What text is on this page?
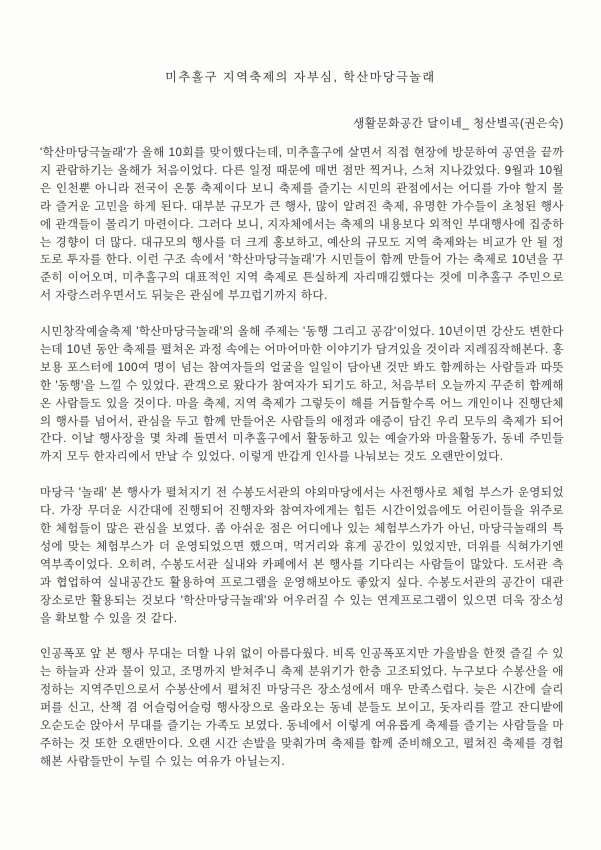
미추홀구 지역축제의 자부심, 학산마당극놀래
생활문화공간 달이네_ 청산별곡(권은숙)

'학산마당극놀래'가 올해 10회를 맞이했다는데, 미추홀구에 살면서 직접 현장에 방문하여 공연을 끝까지 관람하기는 올해가 처음이었다. 다른 일정 때문에 매번 점만 찍거나, 스쳐 지나갔었다. 9월과 10월은 인천뿐 아니라 전국이 온통 축제이다 보니 축제를 즐기는 시민의 관점에서는 어디를 가야 할지 몰라 즐거운 고민을 하게 된다. 대부분 규모가 큰 행사, 많이 알려진 축제, 유명한 가수들이 초청된 행사에 관객들이 몰리기 마련이다. 그러다 보니, 지자체에서는 축제의 내용보다 외적인 부대행사에 집중하는 경향이 더 많다. 대규모의 행사를 더 크게 홍보하고, 예산의 규모도 지역 축제와는 비교가 안 될 정도로 투자를 한다. 이런 구조 속에서 '학산마당극놀래'가 시민들이 함께 만들어 가는 축제로 10년을 꾸준히 이어오며, 미추홀구의 대표적인 지역 축제로 튼실하게 자리매김했다는 것에 미추홀구 주민으로서 자랑스러우면서도 뒤늦은 관심에 부끄럽기까지 하다.

시민창작예술축제 '학산마당극놀래'의 올해 주제는 '동행 그리고 공감'이었다. 10년이면 강산도 변한다는데 10년 동안 축제를 펼쳐온 과정 속에는 어마어마한 이야기가 담겨있을 것이라 지레짐작해본다. 홍보용 포스터에 100여 명이 넘는 참여자들의 얼굴을 일일이 담아낸 것만 봐도 함께하는 사람들과 따뜻한 '동행'을 느낄 수 있었다. 관객으로 왔다가 참여자가 되기도 하고, 처음부터 오늘까지 꾸준히 함께해온 사람들도 있을 것이다. 마을 축제, 지역 축제가 그렇듯이 해를 거듭할수록 어느 개인이나 진행단체의 행사를 넘어서, 관심을 두고 함께 만들어온 사람들의 애정과 애증이 담긴 우리 모두의 축제가 되어간다. 이날 행사장을 몇 차례 돌면서 미추홀구에서 활동하고 있는 예술가와 마을활동가, 동네 주민들까지 모두 한자리에서 만날 수 있었다. 이렇게 반갑게 인사를 나눠보는 것도 오랜만이었다.

마당극 '놀래' 본 행사가 펼쳐지기 전 수봉도서관의 야외마당에서는 사전행사로 체험 부스가 운영되었다. 가장 무더운 시간대에 진행되어 진행자와 참여자에게는 힘든 시간이었음에도 어린이들을 위주로 한 체험들이 많은 관심을 보였다. 좀 아쉬운 점은 어디에나 있는 체험부스가가 아닌, 마당극놀래의 특성에 맞는 체험부스가 더 운영되었으면 했으며, 먹거리와 휴게 공간이 있었지만, 더위를 식혀가기엔 역부족이었다. 오히려, 수봉도서관 실내와 카페에서 본 행사를 기다리는 사람들이 많았다. 도서관 측과 협업하여 실내공간도 활용하여 프로그램을 운영해보아도 좋았지 싶다. 수봉도서관의 공간이 대관 장소로만 활용되는 것보다 '학산마당극놀래'와 어우러질 수 있는 연계프로그램이 있으면 더욱 장소성을 확보할 수 있을 것 같다.

인공폭포 앞 본 행사 무대는 더할 나위 없이 아름다웠다. 비록 인공폭포지만 가을밤을 한껏 즐길 수 있는 하늘과 산과 물이 있고, 조명까지 받쳐주니 축제 분위기가 한층 고조되었다. 누구보다 수봉산을 애정하는 지역주민으로서 수봉산에서 펼쳐진 마당극은 장소성에서 매우 만족스럽다. 늦은 시간에 슬리퍼를 신고, 산책 겸 어슬렁어슬렁 행사장으로 올라오는 동네 분들도 보이고, 돗자리를 깔고 잔디밭에 오순도순 앉아서 무대를 즐기는 가족도 보였다. 동네에서 이렇게 여유롭게 축제를 즐기는 사람들을 마주하는 것 또한 오랜만이다. 오랜 시간 손발을 맞춰가며 축제를 함께 준비해오고, 펼쳐진 축제를 경험해본 사람들만이 누릴 수 있는 여유가 아닐는지.
